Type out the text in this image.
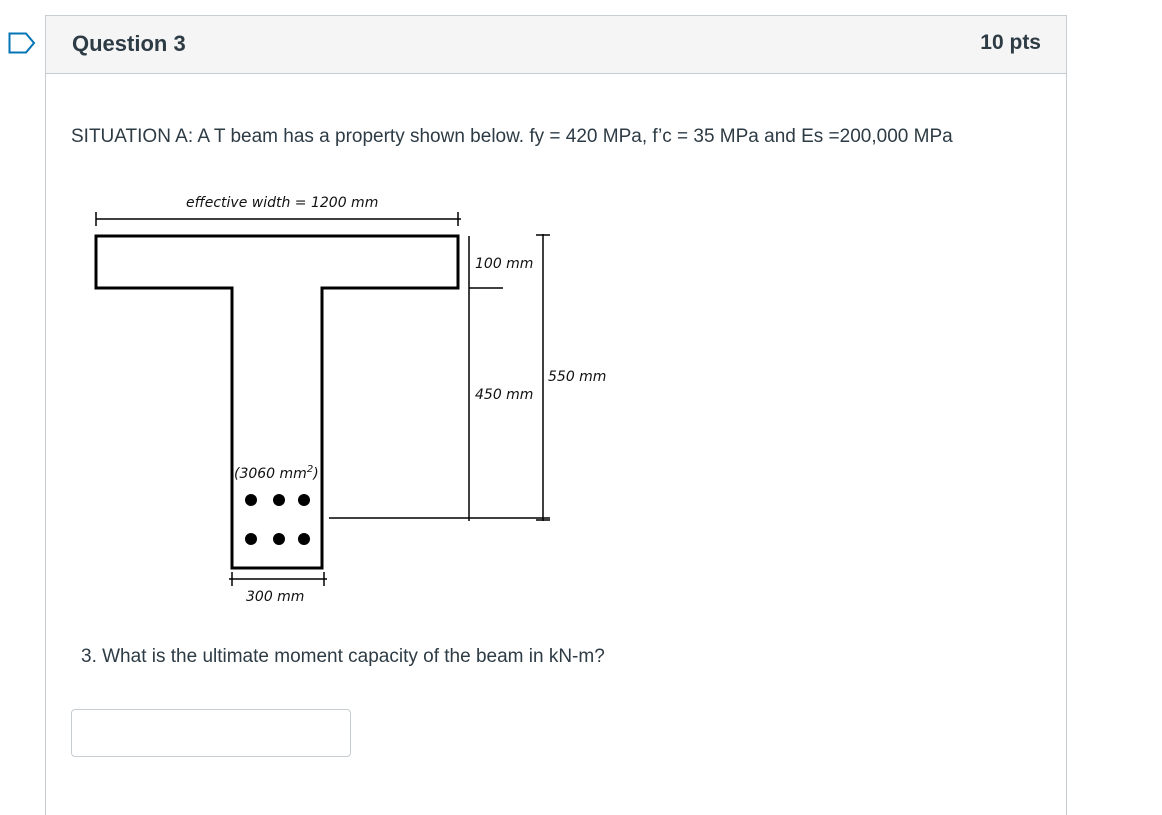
Question 3	10 pts
SITUATION A: A T beam has a property shown below. fy = 420 MPa, f’c = 35 MPa and Es =200,000 MPa
effective width = 1200 mm
100 mm
450 mm
550 mm
(3060 $mm^2$)
300 mm
3. What is the ultimate moment capacity of the beam in kN-m?
